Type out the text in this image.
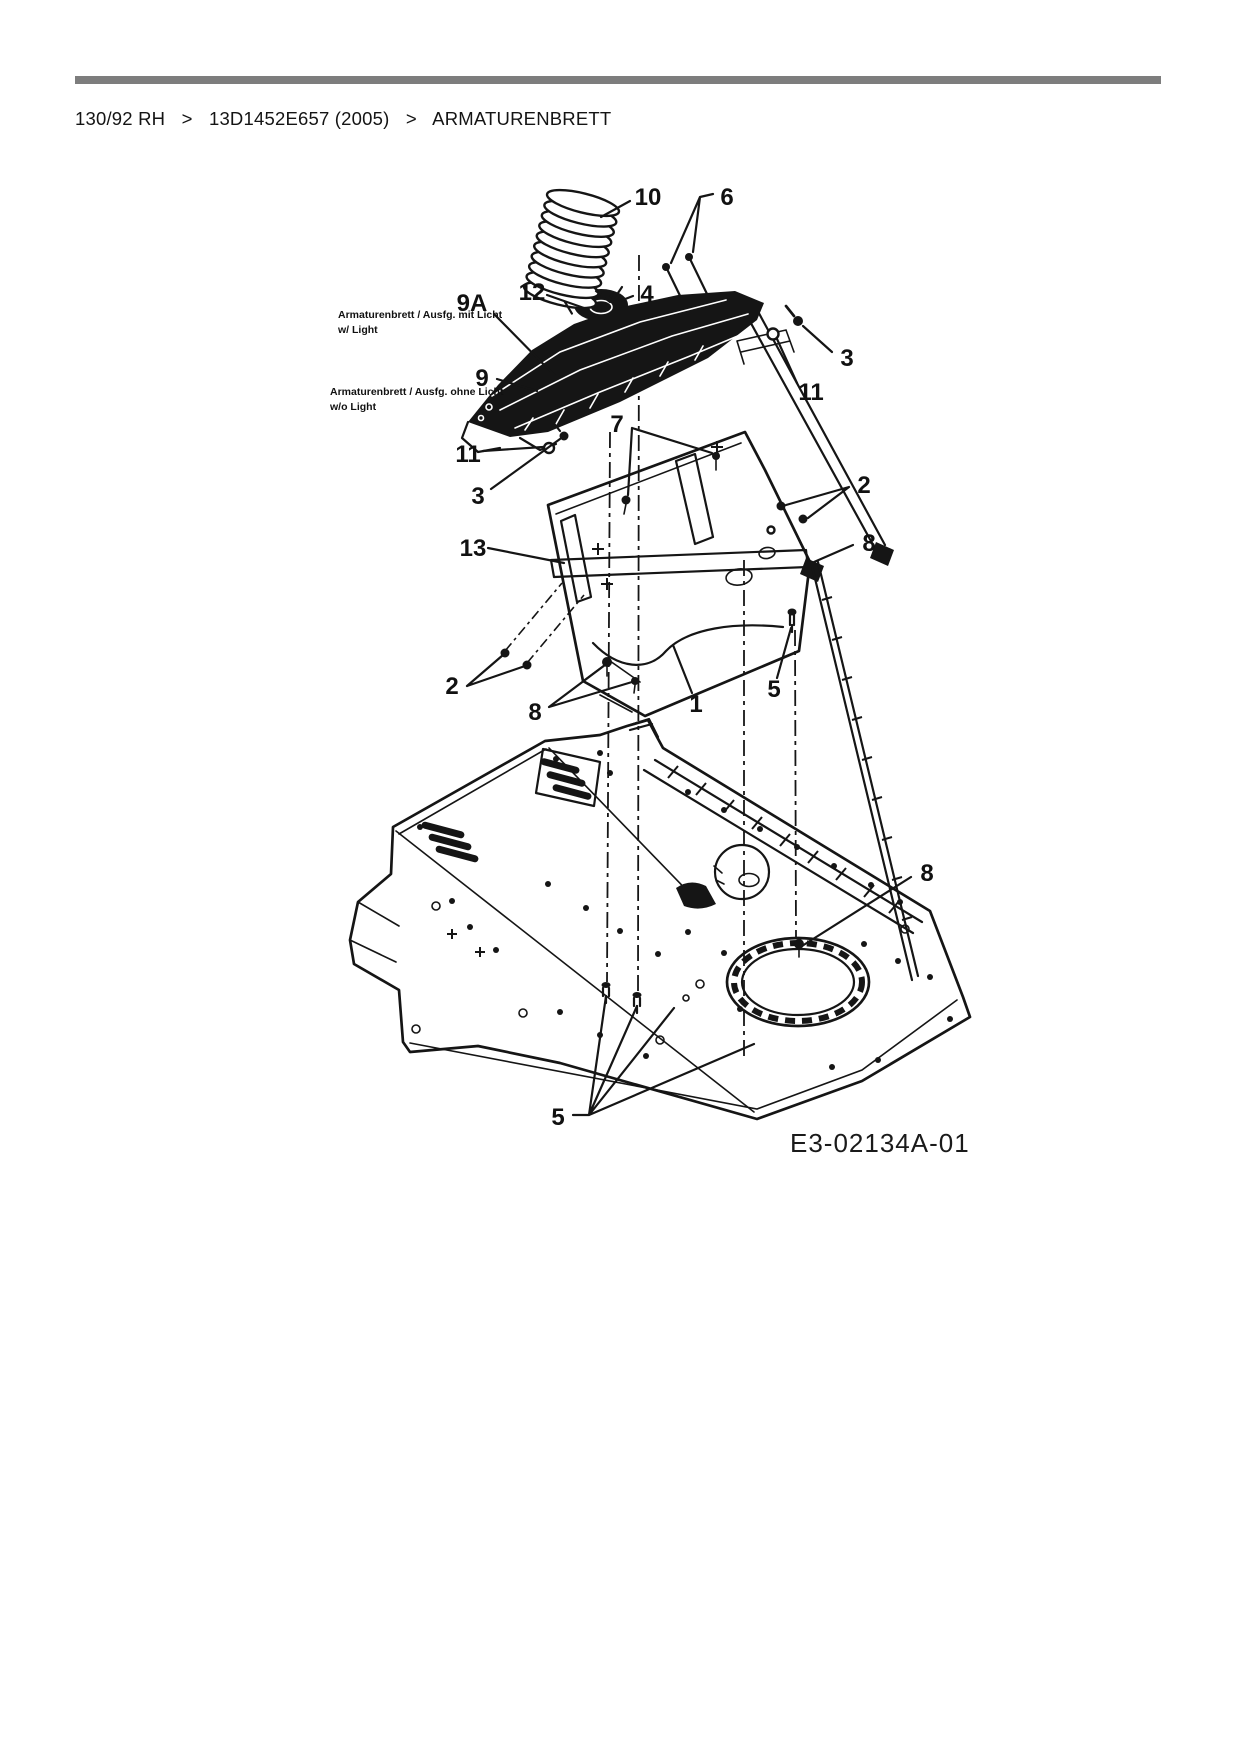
130/92 RH > 13D1452E657 (2005) > ARMATURENBRETT
10 6
12	4
9A
9
3
11
7
11
3
13
2
8
2
8	1
5
8
5
Armaturenbrett / Ausfg. mit Licht
w/ Light
Armaturenbrett / Ausfg. ohne Licht
w/o Light
E3-02134A-01
